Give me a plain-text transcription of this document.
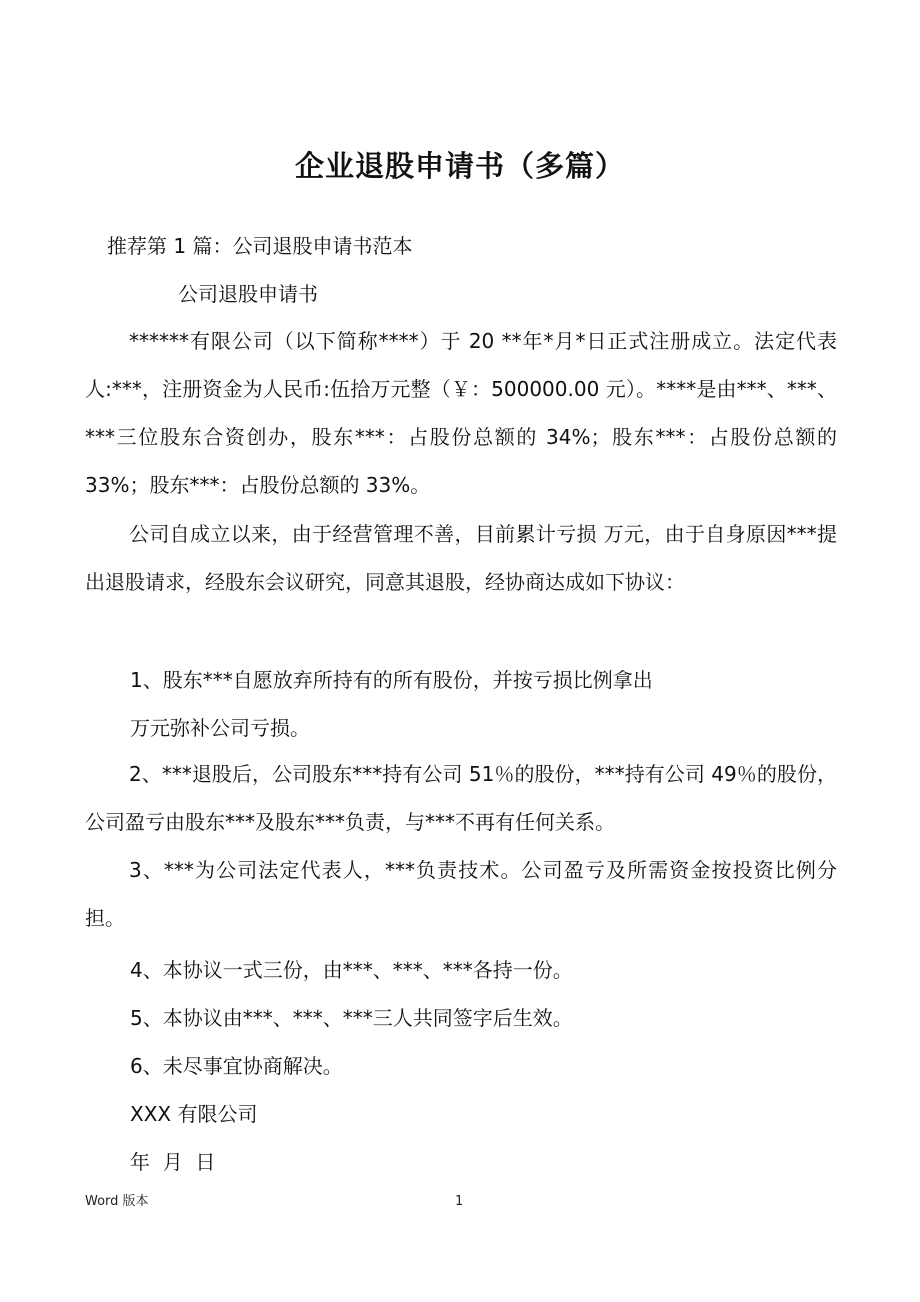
企业退股申请书（多篇）
推荐第 1 篇：公司退股申请书范本
公司退股申请书

******有限公司（以下简称****）于 20 **年*月*日正式注册成立。法定代表人:***，注册资金为人民币:伍拾万元整（￥：500000.00 元）。****是由***、***、***三位股东合资创办，股东***：占股份总额的 34%；股东***：占股份总额的 33%；股东***：占股份总额的 33%。

公司自成立以来，由于经营管理不善，目前累计亏损 万元，由于自身原因***提出退股请求，经股东会议研究，同意其退股，经协商达成如下协议：

1、股东***自愿放弃所持有的所有股份，并按亏损比例拿出
万元弥补公司亏损。

2、***退股后，公司股东***持有公司 51％的股份，***持有公司 49％的股份，公司盈亏由股东***及股东***负责，与***不再有任何关系。

3、***为公司法定代表人，***负责技术。公司盈亏及所需资金按投资比例分担。

4、本协议一式三份，由***、***、***各持一份。
5、本协议由***、***、***三人共同签字后生效。
6、未尽事宜协商解决。
XXX 有限公司
年  月  日
Word 版本	1
